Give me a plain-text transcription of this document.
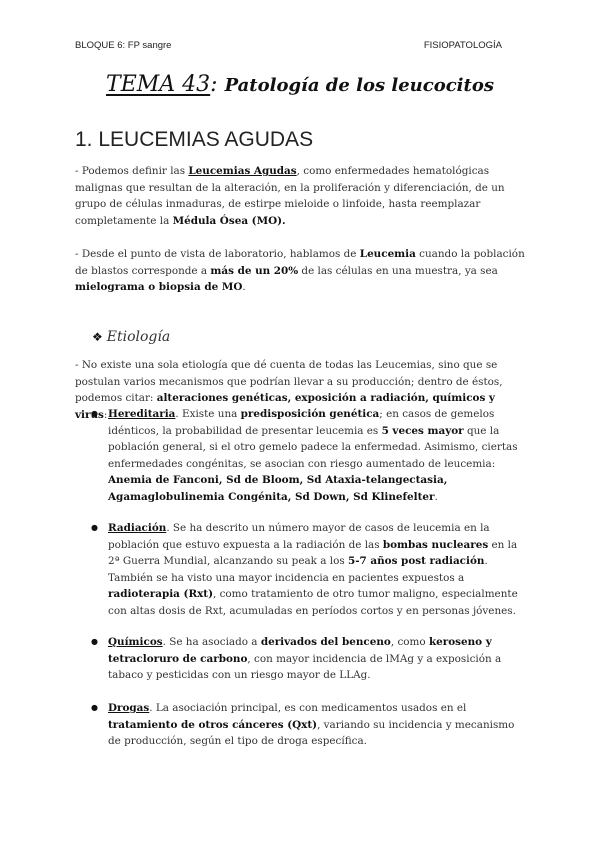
BLOQUE 6: FP sangre	FISIOPATOLOGÍA
TEMA 43: Patología de los leucocitos
1. LEUCEMIAS AGUDAS
- Podemos definir las Leucemias Agudas, como enfermedades hematológicas malignas que resultan de la alteración, en la proliferación y diferenciación, de un grupo de células inmaduras, de estirpe mieloide o linfoide, hasta reemplazar completamente la Médula Ósea (MO).
- Desde el punto de vista de laboratorio, hablamos de Leucemia cuando la población de blastos corresponde a más de un 20% de las células en una muestra, ya sea mielograma o biopsia de MO.
❖ Etiología
- No existe una sola etiología que dé cuenta de todas las Leucemias, sino que se postulan varios mecanismos que podrían llevar a su producción; dentro de éstos, podemos citar: alteraciones genéticas, exposición a radiación, químicos y virus:
● Hereditaria. Existe una predisposición genética; en casos de gemelos idénticos, la probabilidad de presentar leucemia es 5 veces mayor que la población general, si el otro gemelo padece la enfermedad. Asimismo, ciertas enfermedades congénitas, se asocian con riesgo aumentado de leucemia: Anemia de Fanconi, Sd de Bloom, Sd Ataxia-telangectasia, Agamaglobulinemia Congénita, Sd Down, Sd Klinefelter.
● Radiación. Se ha descrito un número mayor de casos de leucemia en la población que estuvo expuesta a la radiación de las bombas nucleares en la 2ª Guerra Mundial, alcanzando su peak a los 5-7 años post radiación. También se ha visto una mayor incidencia en pacientes expuestos a radioterapia (Rxt), como tratamiento de otro tumor maligno, especialmente con altas dosis de Rxt, acumuladas en períodos cortos y en personas jóvenes.
● Químicos. Se ha asociado a derivados del benceno, como keroseno y tetracloruro de carbono, con mayor incidencia de lMAg y a exposición a tabaco y pesticidas con un riesgo mayor de LLAg.
● Drogas. La asociación principal, es con medicamentos usados en el tratamiento de otros cánceres (Qxt), variando su incidencia y mecanismo de producción, según el tipo de droga específica.
